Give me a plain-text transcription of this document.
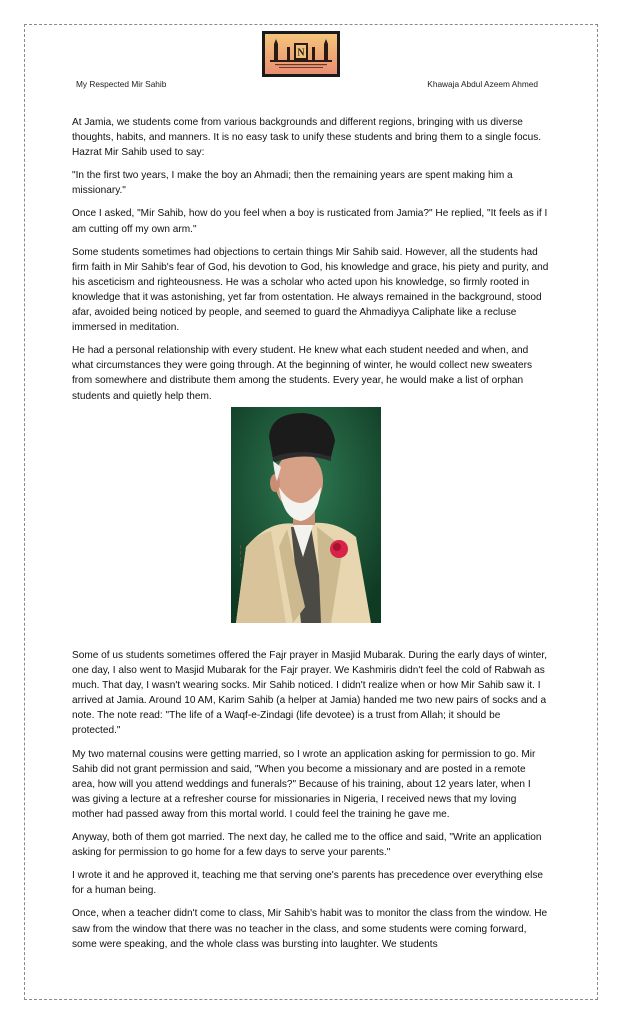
N
My Respected Mir Sahib	Khawaja Abdul Azeem Ahmed

At Jamia, we students come from various backgrounds and different regions, bringing with us diverse thoughts, habits, and manners. It is no easy task to unify these students and bring them to a single focus. Hazrat Mir Sahib used to say:

"In the first two years, I make the boy an Ahmadi; then the remaining years are spent making him a missionary."

Once I asked, "Mir Sahib, how do you feel when a boy is rusticated from Jamia?" He replied, "It feels as if I am cutting off my own arm."

Some students sometimes had objections to certain things Mir Sahib said. However, all the students had firm faith in Mir Sahib's fear of God, his devotion to God, his knowledge and grace, his piety and purity, and his asceticism and righteousness. He was a scholar who acted upon his knowledge, so firmly rooted in knowledge that it was astonishing, yet far from ostentation. He always remained in the background, stood afar, avoided being noticed by people, and seemed to guard the Ahmadiyya Caliphate like a recluse immersed in meditation.

He had a personal relationship with every student. He knew what each student needed and when, and what circumstances they were going through. At the beginning of winter, he would collect new sweaters from somewhere and distribute them among the students. Every year, he would make a list of orphan students and quietly help them.

~ ~ ~ ~

Some of us students sometimes offered the Fajr prayer in Masjid Mubarak. During the early days of winter, one day, I also went to Masjid Mubarak for the Fajr prayer. We Kashmiris didn't feel the cold of Rabwah as much. That day, I wasn't wearing socks. Mir Sahib noticed. I didn't realize when or how Mir Sahib saw it. I arrived at Jamia. Around 10 AM, Karim Sahib (a helper at Jamia) handed me two new pairs of socks and a note. The note read: "The life of a Waqf-e-Zindagi (life devotee) is a trust from Allah; it should be protected."

My two maternal cousins were getting married, so I wrote an application asking for permission to go. Mir Sahib did not grant permission and said, "When you become a missionary and are posted in a remote area, how will you attend weddings and funerals?" Because of his training, about 12 years later, when I was giving a lecture at a refresher course for missionaries in Nigeria, I received news that my loving mother had passed away from this mortal world. I could feel the training he gave me.

Anyway, both of them got married. The next day, he called me to the office and said, "Write an application asking for permission to go home for a few days to serve your parents."

I wrote it and he approved it, teaching me that serving one's parents has precedence over everything else for a human being.

Once, when a teacher didn't come to class, Mir Sahib's habit was to monitor the class from the window. He saw from the window that there was no teacher in the class, and some students were coming forward, some were speaking, and the whole class was bursting into laughter. We students
